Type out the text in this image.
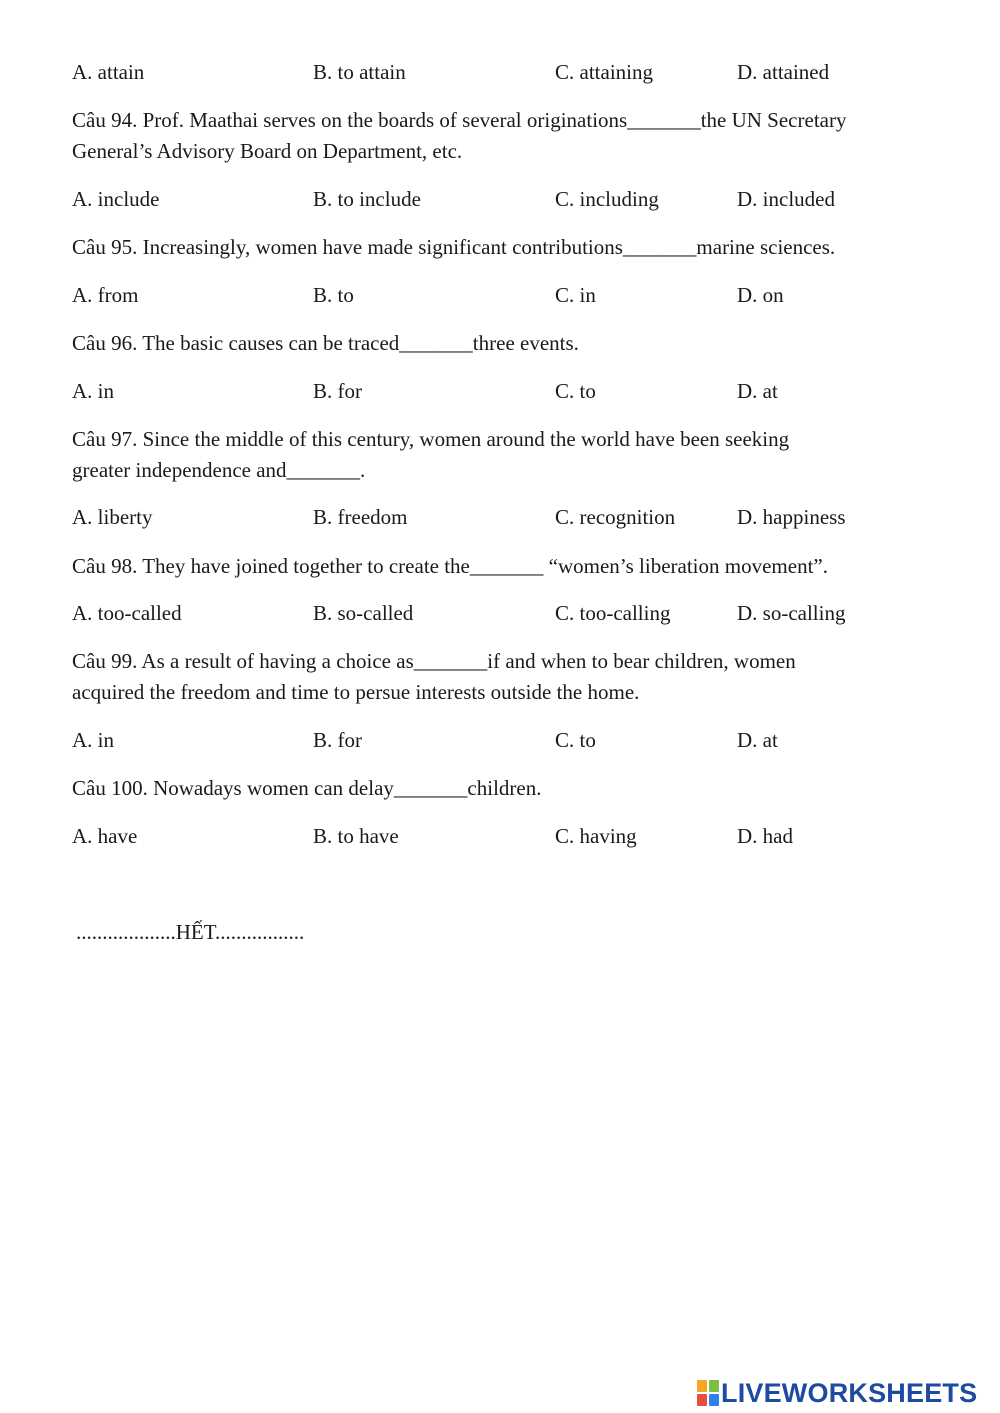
A. attain	B. to attain	C. attaining	D. attained
Câu 94. Prof. Maathai serves on the boards of several originations_______the UN Secretary
General’s Advisory Board on Department, etc.
A. include	B. to include	C. including	D. included
Câu 95. Increasingly, women have made significant contributions_______marine sciences.
A. from	B. to	C. in	D. on
Câu 96. The basic causes can be traced_______three events.
A. in	B. for	C. to	D. at
Câu 97. Since the middle of this century, women around the world have been seeking
greater independence and_______.
A. liberty	B. freedom	C. recognition	D. happiness
Câu 98. They have joined together to create the_______ “women’s liberation movement”.
A. too-called	B. so-called	C. too-calling	D. so-calling
Câu 99. As a result of having a choice as_______if and when to bear children, women
acquired the freedom and time to persue interests outside the home.
A. in	B. for	C. to	D. at
Câu 100. Nowadays women can delay_______children.
A. have	B. to have	C. having	D. had
...................HẾT.................
LIVEWORKSHEETS
